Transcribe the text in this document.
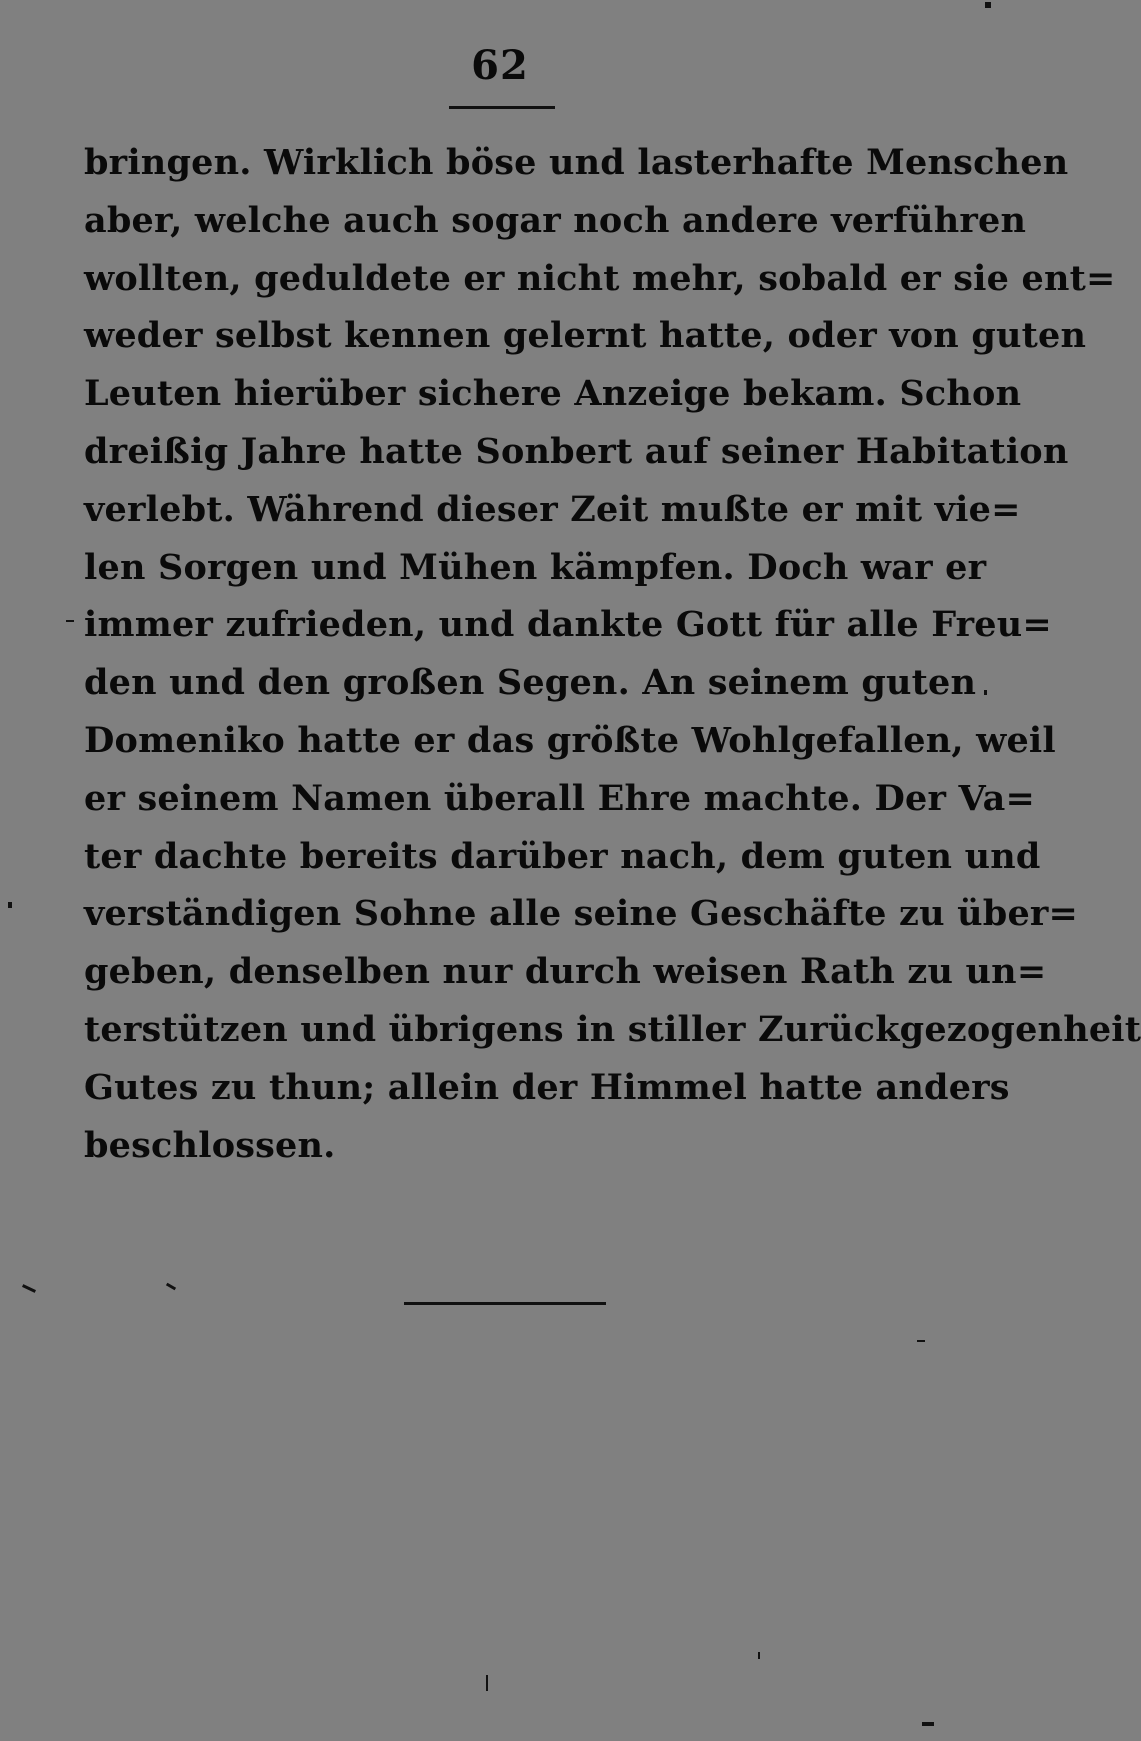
62
bringen. Wirklich böse und lasterhafte Menschen
aber, welche auch sogar noch andere verführen
wollten, geduldete er nicht mehr, sobald er sie ent=
weder selbst kennen gelernt hatte, oder von guten
Leuten hierüber sichere Anzeige bekam. Schon
dreißig Jahre hatte Sonbert auf seiner Habitation
verlebt. Während dieser Zeit mußte er mit vie=
len Sorgen und Mühen kämpfen. Doch war er
immer zufrieden, und dankte Gott für alle Freu=
den und den großen Segen. An seinem guten
Domeniko hatte er das größte Wohlgefallen, weil
er seinem Namen überall Ehre machte. Der Va=
ter dachte bereits darüber nach, dem guten und
verständigen Sohne alle seine Geschäfte zu über=
geben, denselben nur durch weisen Rath zu un=
terstützen und übrigens in stiller Zurückgezogenheit
Gutes zu thun; allein der Himmel hatte anders
beschlossen.
